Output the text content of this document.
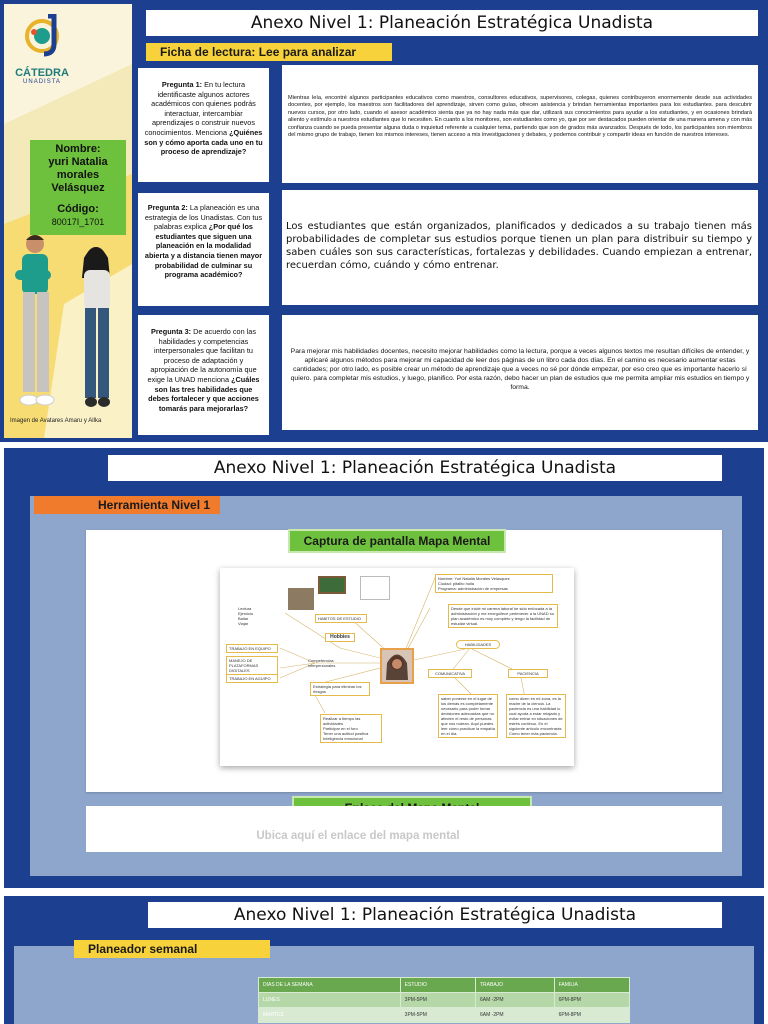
CÁTEDRA
UNADISTA
Nombre:
yuri Natalia morales Velásquez
Código:
80017I_1701
Imagen de Avatares Amaru y Allka
Anexo Nivel 1: Planeación Estratégica Unadista
Ficha de lectura: Lee para analizar
Pregunta 1: En tu lectura identificaste algunos actores académicos con quienes podrás interactuar, intercambiar aprendizajes o construir nuevos conocimientos. Menciona ¿Quiénes son y cómo aporta cada uno en tu proceso de aprendizaje?
Mientras leía, encontré algunos participantes educativos como maestros, consultores educativos, supervisores, colegas, quienes contribuyeron enormemente desde sus actividades docentes, por ejemplo, los maestros son facilitadores del aprendizaje, sirven como guías, ofrecen asistencia y brindan herramientas importantes para los estudiantes. para descubrir nuevos cursos, por otro lado, cuando el asesor académico sienta que ya no hay nada más que dar, utilizará sus conocimientos para ayudar a los estudiantes, y en ocasiones brindará aliento y estímulo a nuestros estudiantes que lo necesiten. En cuanto a los monitores, son estudiantes como yo, que por ser destacados pueden orientar de una manera amena y con más confianza cuando se pueda presentar alguna duda o inquietud referente a cualquier tema, partiendo que son de grados más avanzados. Después de todo, los participantes son miembros del mismo grupo de trabajo, tienen los mismos intereses, tienen acceso a mis investigaciones y debates, y podemos contribuir y compartir ideas en función de nuestros intereses.
Pregunta 2: La planeación es una estrategia de los Unadistas. Con tus palabras explica ¿Por qué los estudiantes que siguen una planeación en la modalidad abierta y a distancia tienen mayor probabilidad de culminar su programa académico?
Los estudiantes que están organizados, planificados y dedicados a su trabajo tienen más probabilidades de completar sus estudios porque tienen un plan para distribuir su tiempo y saben cuáles son sus características, fortalezas y debilidades. Cuando empiezan a entrenar, recuerdan cómo, cuándo y cómo entrenar.
Pregunta 3: De acuerdo con las habilidades y competencias interpersonales que facilitan tu proceso de adaptación y apropiación de la autonomía que exige la UNAD menciona ¿Cuáles son las tres habilidades que debes fortalecer y que acciones tomarás para mejorarlas?
Para mejorar mis habilidades docentes, necesito mejorar habilidades como la lectura, porque a veces algunos textos me resultan difíciles de entender, y aplicaré algunos métodos para mejorar mi capacidad de leer dos páginas de un libro cada dos días. En el camino es necesario aumentar estas cantidades; por otro lado, es posible crear un método de aprendizaje que a veces no sé por dónde empezar, por eso creo que es importante hacerlo sí quiero. para completar mis estudios, y luego, planifico. Por esta razón, debo hacer un plan de estudios que me permita ampliar mis estudios en tiempo y forma.
Anexo Nivel 1: Planeación Estratégica Unadista
Herramienta Nivel 1
Captura de pantalla Mapa Mental
Nombre: Yuri Natalia Morales Velasquez
Ciudad: pitalito huila
Programa: administración de empresas
Desde que inicié mi carrera laboral he sido enfocada a la administración y me enorgullece pertenecer a la UNAD su plan académico es muy completo y tengo la facilidad de estudiar virtual.
HABITOS DE ESTUDIO
Hobbies
Lectura
Ejercicio
Bailar
Viajar
TRABAJO EN EQUIPO
MANEJO DE PLATAFORMAS DIGITALES
TRABAJO EN AGUIPO
Competencias interpersonales
Estrategia para eliminar los riesgos
Realizar a tiempo las actividades
Participar en el foro
Tener una actitud positiva
Inteligencia emocional
HABILIDADES
COMUNICATIVA	PACIENCIA
saber ponerse en el lugar de los demás es completamente necesario para poder tomar decisiones adecuadas que no afecten el resto de personas que nos rodean. Aquí puedes leer cómo practicar la empatía en el día.
como dicen en mi zona, es la madre de la ciencia. La paciencia es una habilidad lo cual ayuda a estar relajado y evitar entrar en situaciones de estrés continuo. En el siguiente artículo encontrarás Cómo tener más paciencia.
Ubica aquí el enlace del mapa mental
Anexo Nivel 1: Planeación Estratégica Unadista
Planeador semanal
DIAS DE LA SEMANA	ESTUDIO	TRABAJO	FAMILIA
LUNES	3PM-5PM	6AM -2PM	6PM-8PM
MARTES	3PM-5PM	6AM -2PM	6PM-8PM
